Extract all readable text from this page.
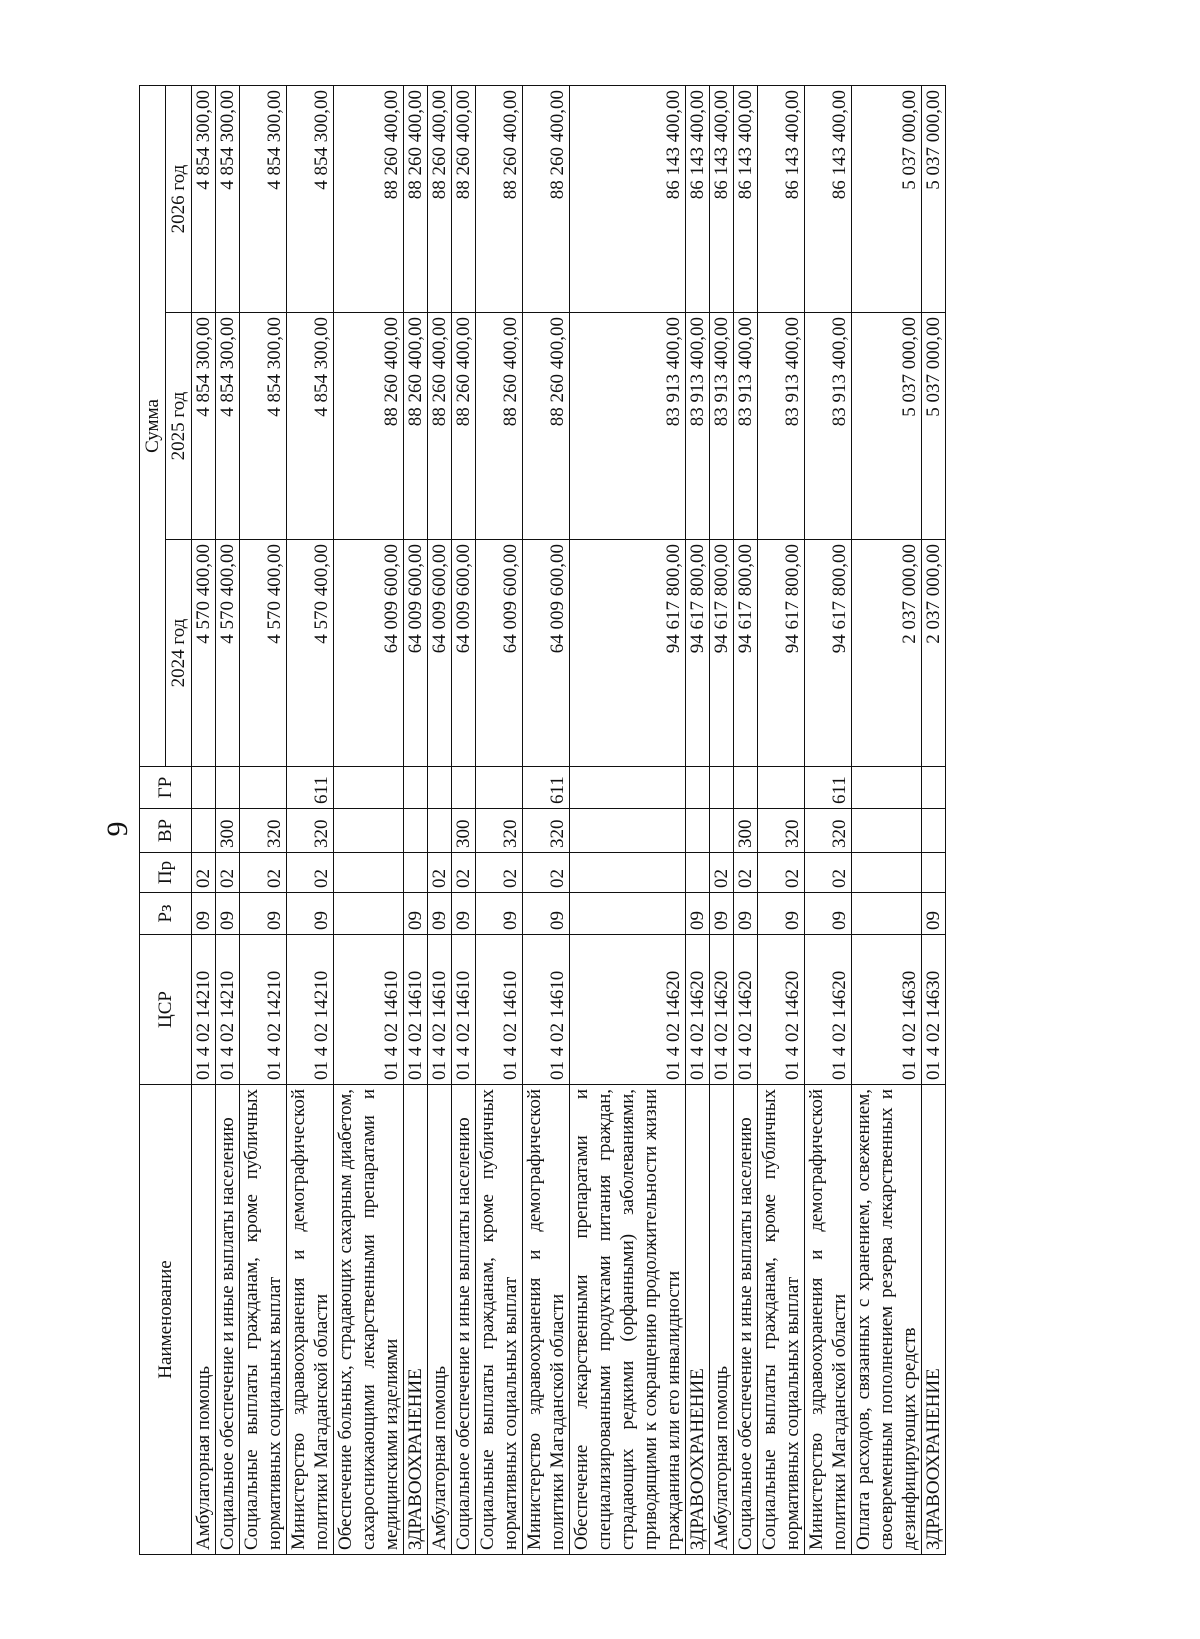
9
Наименование	ЦСР	Рз	Пр	ВР	ГР	Сумма		
						2024 год	2025 год	2026 год
Амбулаторная помощь	01 4 02 14210	09	02			4 570 400,00	4 854 300,00	4 854 300,00
Социальное обеспечение и иные выплаты населению	01 4 02 14210	09	02	300		4 570 400,00	4 854 300,00	4 854 300,00
Социальные выплаты гражданам, кроме публичных нормативных социальных выплат	01 4 02 14210	09	02	320		4 570 400,00	4 854 300,00	4 854 300,00
Министерство здравоохранения и демографической политики Магаданской области	01 4 02 14210	09	02	320	611	4 570 400,00	4 854 300,00	4 854 300,00
Обеспечение больных, страдающих сахарным диабетом, сахароснижающими лекарственными препаратами и медицинскими изделиями	01 4 02 14610					64 009 600,00	88 260 400,00	88 260 400,00
ЗДРАВООХРАНЕНИЕ	01 4 02 14610	09				64 009 600,00	88 260 400,00	88 260 400,00
Амбулаторная помощь	01 4 02 14610	09	02			64 009 600,00	88 260 400,00	88 260 400,00
Социальное обеспечение и иные выплаты населению	01 4 02 14610	09	02	300		64 009 600,00	88 260 400,00	88 260 400,00
Социальные выплаты гражданам, кроме публичных нормативных социальных выплат	01 4 02 14610	09	02	320		64 009 600,00	88 260 400,00	88 260 400,00
Министерство здравоохранения и демографической политики Магаданской области	01 4 02 14610	09	02	320	611	64 009 600,00	88 260 400,00	88 260 400,00
Обеспечение лекарственными препаратами и специализированными продуктами питания граждан, страдающих редкими (орфанными) заболеваниями, приводящими к сокращению продолжительности жизни гражданина или его инвалидности	01 4 02 14620					94 617 800,00	83 913 400,00	86 143 400,00
ЗДРАВООХРАНЕНИЕ	01 4 02 14620	09				94 617 800,00	83 913 400,00	86 143 400,00
Амбулаторная помощь	01 4 02 14620	09	02			94 617 800,00	83 913 400,00	86 143 400,00
Социальное обеспечение и иные выплаты населению	01 4 02 14620	09	02	300		94 617 800,00	83 913 400,00	86 143 400,00
Социальные выплаты гражданам, кроме публичных нормативных социальных выплат	01 4 02 14620	09	02	320		94 617 800,00	83 913 400,00	86 143 400,00
Министерство здравоохранения и демографической политики Магаданской области	01 4 02 14620	09	02	320	611	94 617 800,00	83 913 400,00	86 143 400,00
Оплата расходов, связанных с хранением, освежением, своевременным пополнением резерва лекарственных и дезинфицирующих средств	01 4 02 14630					2 037 000,00	5 037 000,00	5 037 000,00
ЗДРАВООХРАНЕНИЕ	01 4 02 14630	09				2 037 000,00	5 037 000,00	5 037 000,00
